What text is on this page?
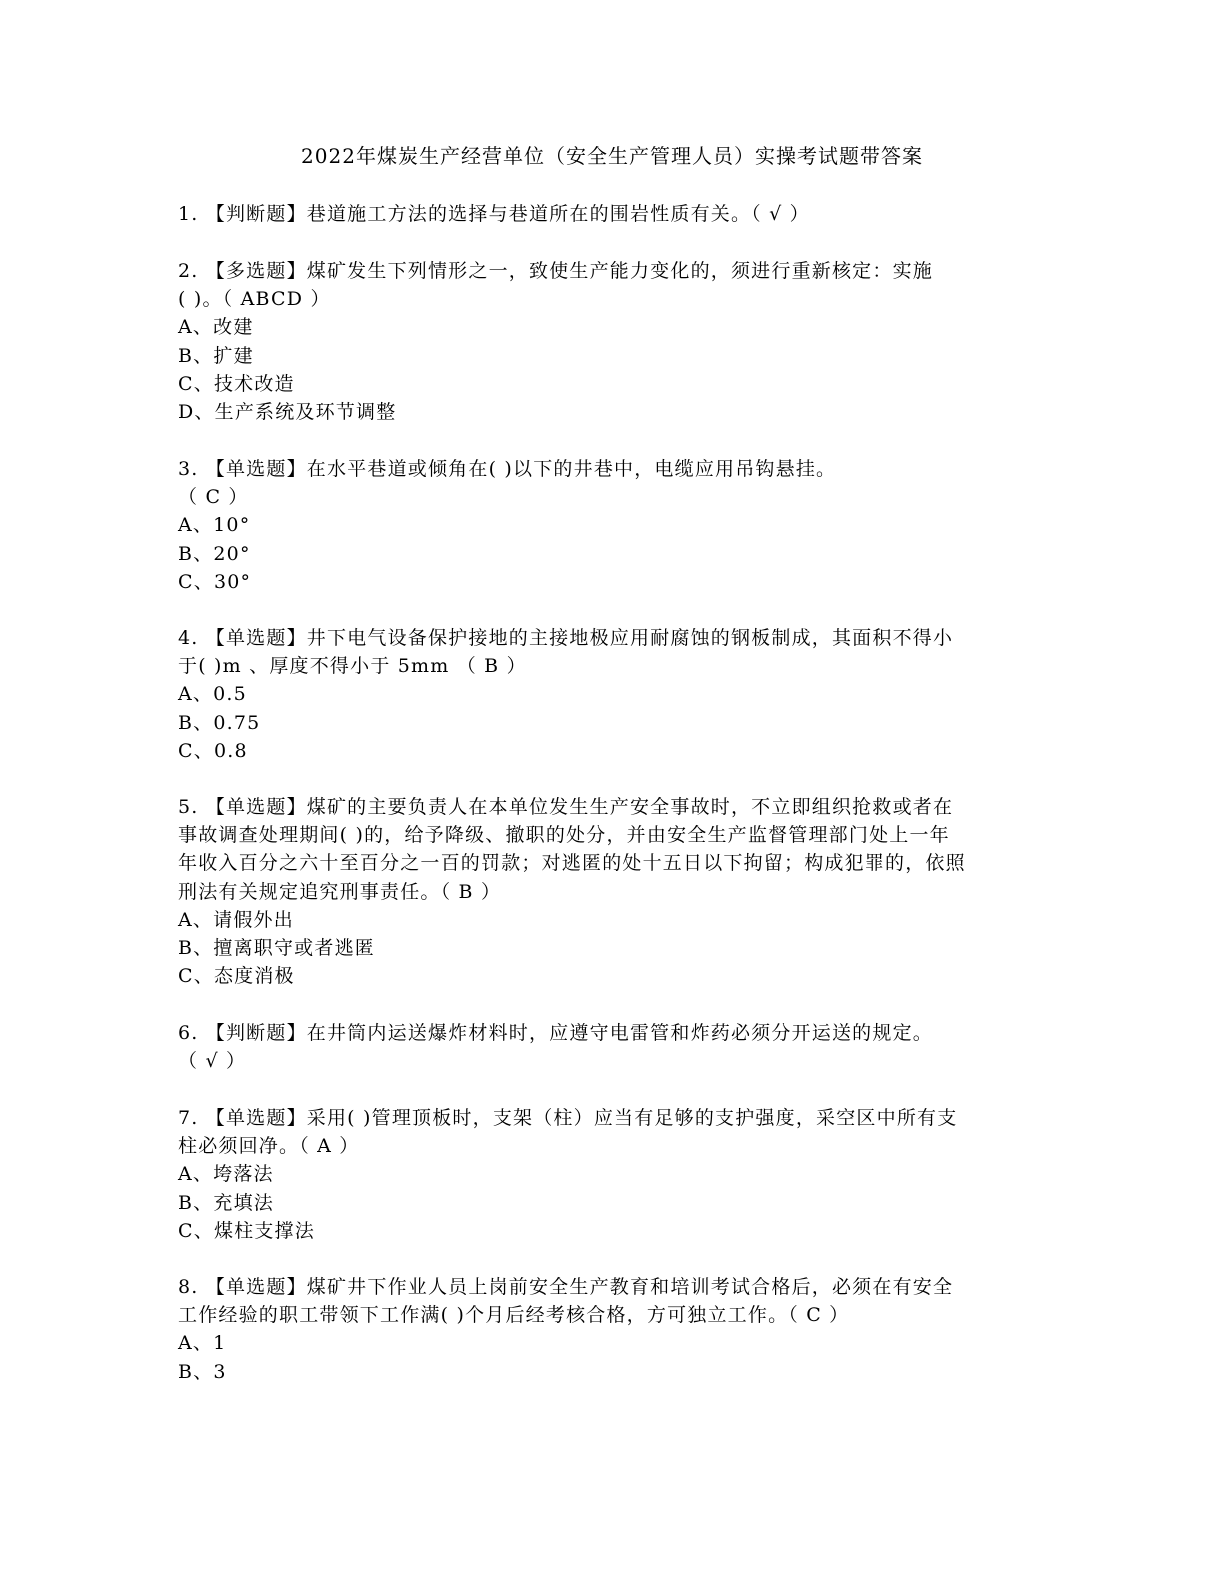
2022年煤炭生产经营单位（安全生产管理人员）实操考试题带答案
1. 【判断题】巷道施工方法的选择与巷道所在的围岩性质有关。（ √ ）
2. 【多选题】煤矿发生下列情形之一，致使生产能力变化的，须进行重新核定：实施
( )。（ ABCD ）
A、改建
B、扩建
C、技术改造
D、生产系统及环节调整
3. 【单选题】在水平巷道或倾角在( )以下的井巷中，电缆应用吊钩悬挂。
（ C ）
A、10°
B、20°
C、30°
4. 【单选题】井下电气设备保护接地的主接地极应用耐腐蚀的钢板制成，其面积不得小
于( )m 、厚度不得小于 5mm （ B ）
A、0.5
B、0.75
C、0.8
5. 【单选题】煤矿的主要负责人在本单位发生生产安全事故时，不立即组织抢救或者在
事故调查处理期间( )的，给予降级、撤职的处分，并由安全生产监督管理部门处上一年
年收入百分之六十至百分之一百的罚款；对逃匿的处十五日以下拘留；构成犯罪的，依照
刑法有关规定追究刑事责任。（ B ）
A、请假外出
B、擅离职守或者逃匿
C、态度消极
6. 【判断题】在井筒内运送爆炸材料时，应遵守电雷管和炸药必须分开运送的规定。
（ √ ）
7. 【单选题】采用( )管理顶板时，支架（柱）应当有足够的支护强度，采空区中所有支
柱必须回净。（ A ）
A、垮落法
B、充填法
C、煤柱支撑法
8. 【单选题】煤矿井下作业人员上岗前安全生产教育和培训考试合格后，必须在有安全
工作经验的职工带领下工作满( )个月后经考核合格，方可独立工作。（ C ）
A、1
B、3
